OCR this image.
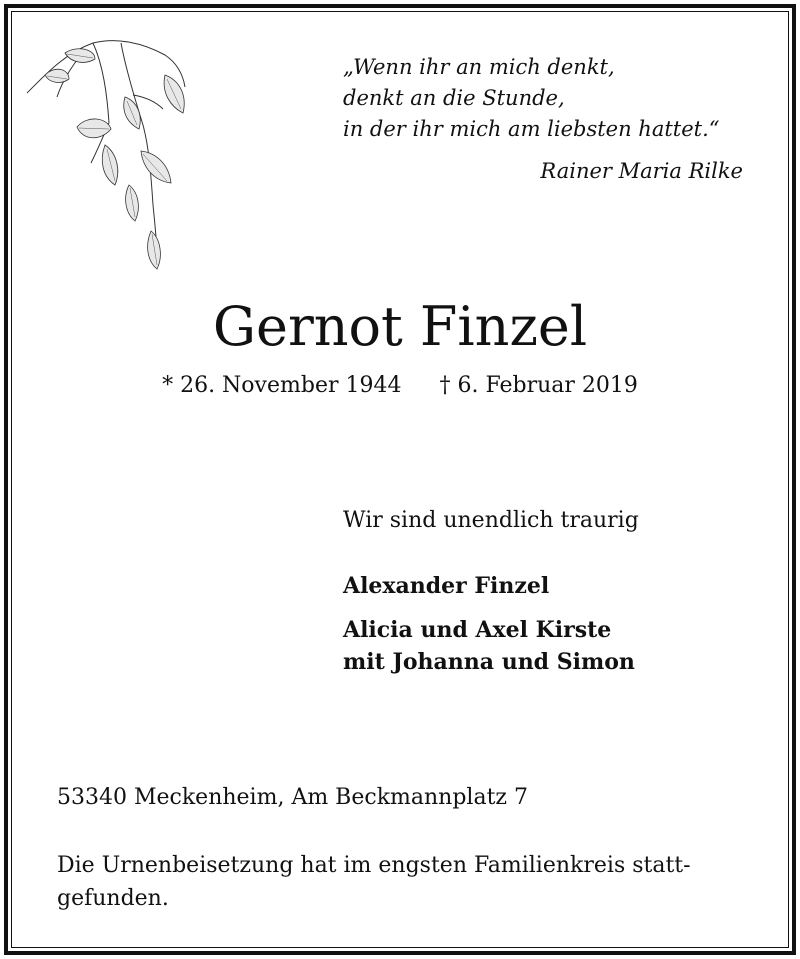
„Wenn ihr an mich denkt,
denkt an die Stunde,
in der ihr mich am liebsten hattet.“
Rainer Maria Rilke
Gernot Finzel
* 26. November 1944 † 6. Februar 2019
Wir sind unendlich traurig
Alexander Finzel
Alicia und Axel Kirste
mit Johanna und Simon
53340 Meckenheim, Am Beckmannplatz 7
Die Urnenbeisetzung hat im engsten Familienkreis statt-
gefunden.
